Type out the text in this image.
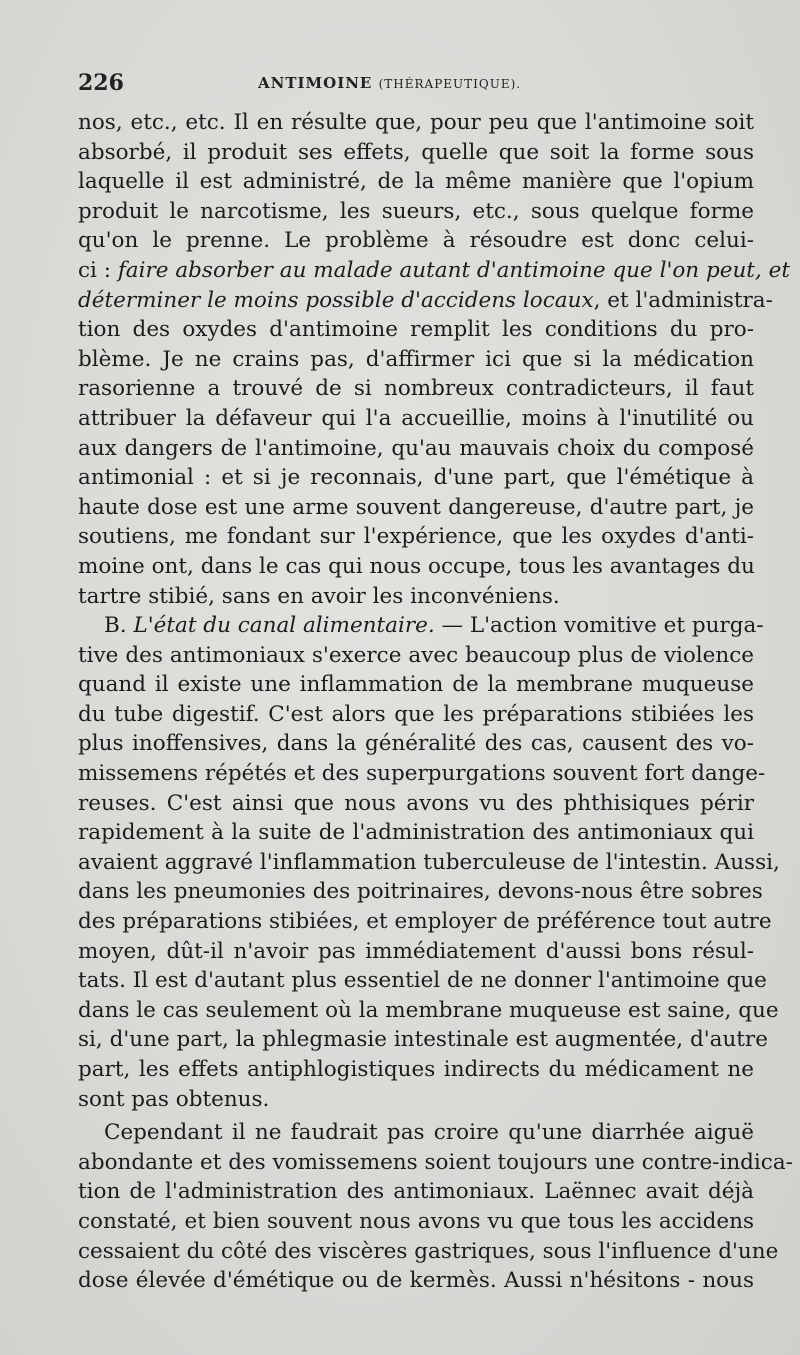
226	ANTIMOINE (THÉRAPEUTIQUE).
nos, etc., etc. Il en résulte que, pour peu que l'antimoine soit
absorbé, il produit ses effets, quelle que soit la forme sous
laquelle il est administré, de la même manière que l'opium
produit le narcotisme, les sueurs, etc., sous quelque forme
qu'on le prenne. Le problème à résoudre est donc celui-
ci : faire absorber au malade autant d'antimoine que l'on peut, et
déterminer le moins possible d'accidens locaux, et l'administra-
tion des oxydes d'antimoine remplit les conditions du pro-
blème. Je ne crains pas, d'affirmer ici que si la médication
rasorienne a trouvé de si nombreux contradicteurs, il faut
attribuer la défaveur qui l'a accueillie, moins à l'inutilité ou
aux dangers de l'antimoine, qu'au mauvais choix du composé
antimonial : et si je reconnais, d'une part, que l'émétique à
haute dose est une arme souvent dangereuse, d'autre part, je
soutiens, me fondant sur l'expérience, que les oxydes d'anti-
moine ont, dans le cas qui nous occupe, tous les avantages du
tartre stibié, sans en avoir les inconvéniens.
B. L'état du canal alimentaire. — L'action vomitive et purga-
tive des antimoniaux s'exerce avec beaucoup plus de violence
quand il existe une inflammation de la membrane muqueuse
du tube digestif. C'est alors que les préparations stibiées les
plus inoffensives, dans la généralité des cas, causent des vo-
missemens répétés et des superpurgations souvent fort dange-
reuses. C'est ainsi que nous avons vu des phthisiques périr
rapidement à la suite de l'administration des antimoniaux qui
avaient aggravé l'inflammation tuberculeuse de l'intestin. Aussi,
dans les pneumonies des poitrinaires, devons-nous être sobres
des préparations stibiées, et employer de préférence tout autre
moyen, dût-il n'avoir pas immédiatement d'aussi bons résul-
tats. Il est d'autant plus essentiel de ne donner l'antimoine que
dans le cas seulement où la membrane muqueuse est saine, que
si, d'une part, la phlegmasie intestinale est augmentée, d'autre
part, les effets antiphlogistiques indirects du médicament ne
sont pas obtenus.
Cependant il ne faudrait pas croire qu'une diarrhée aiguë
abondante et des vomissemens soient toujours une contre-indica-
tion de l'administration des antimoniaux. Laënnec avait déjà
constaté, et bien souvent nous avons vu que tous les accidens
cessaient du côté des viscères gastriques, sous l'influence d'une
dose élevée d'émétique ou de kermès. Aussi n'hésitons - nous
